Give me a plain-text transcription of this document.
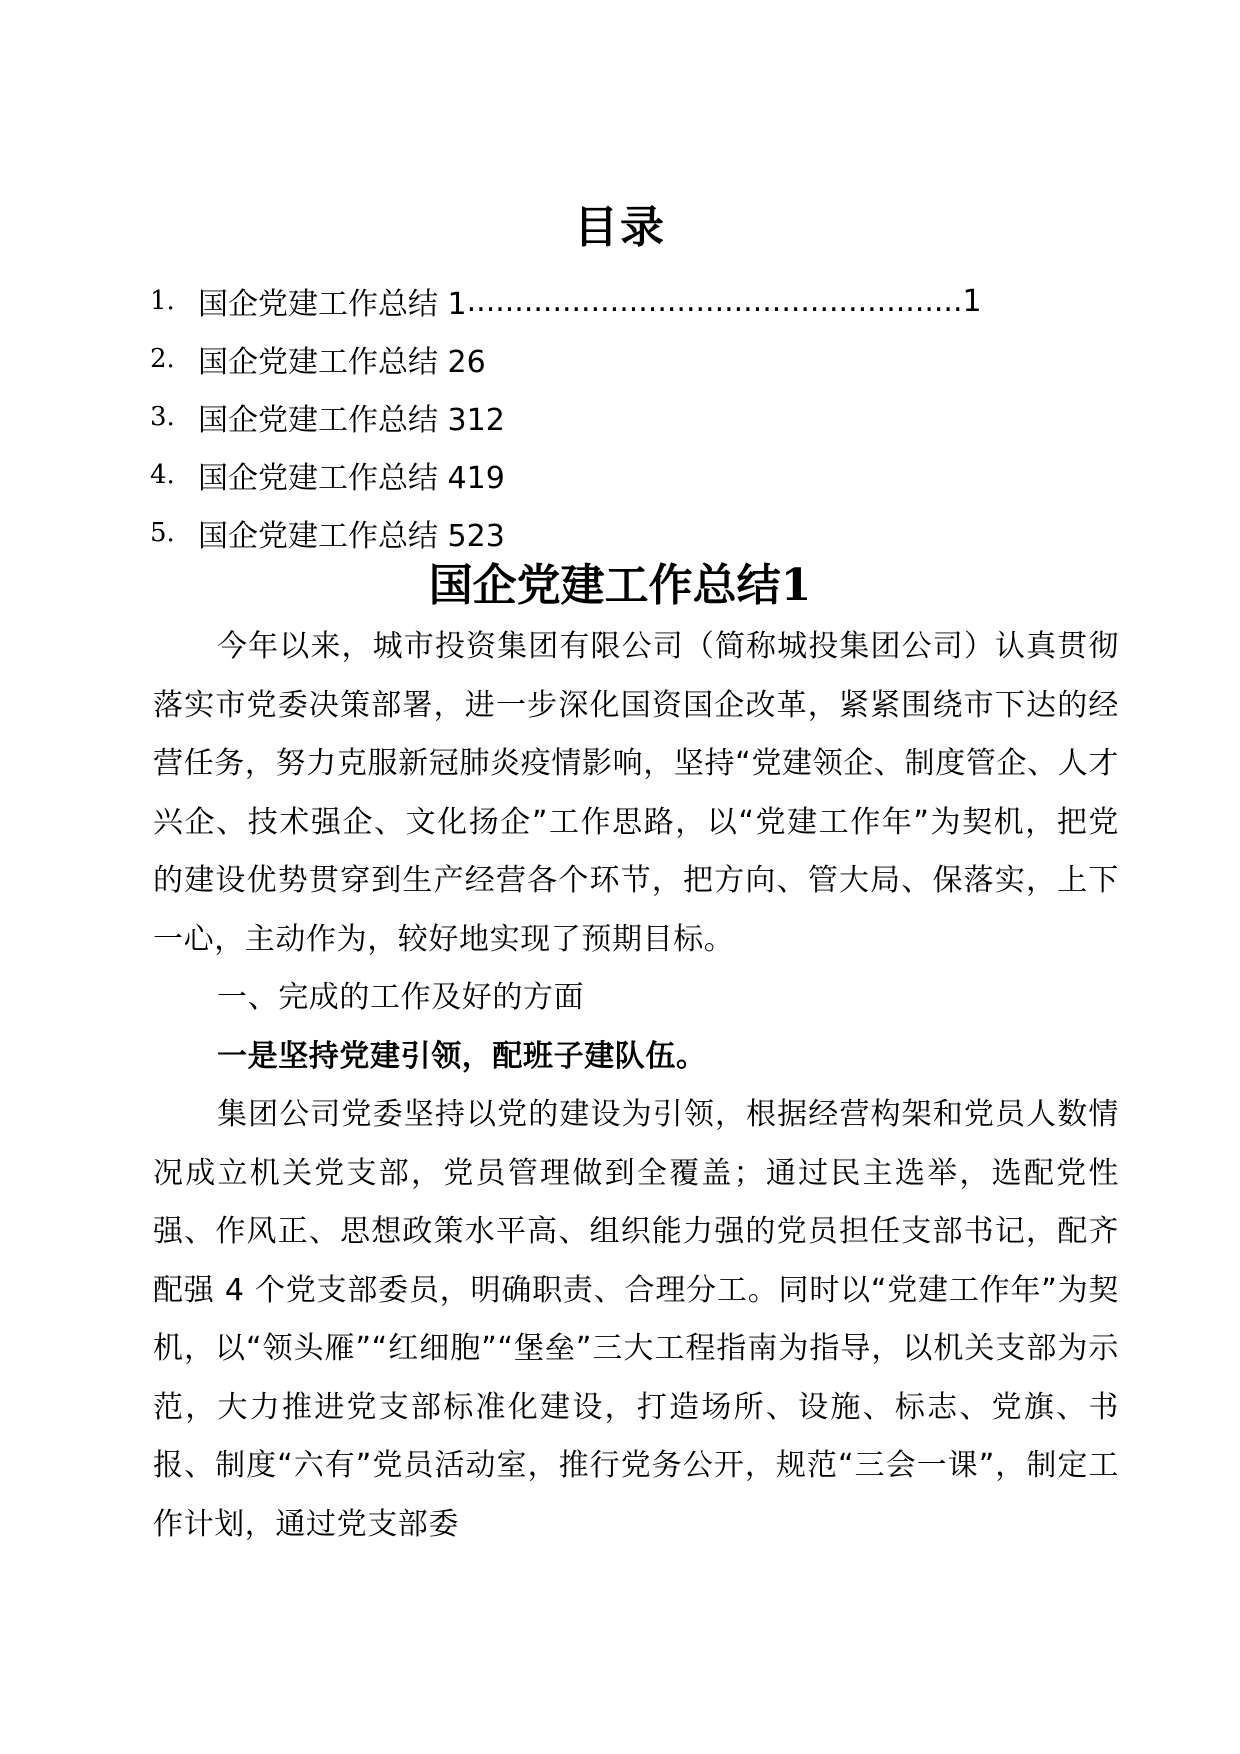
目录
1. 国企党建工作总结 1 .................................................... 1
2. 国企党建工作总结 26
3. 国企党建工作总结 312
4. 国企党建工作总结 419
5. 国企党建工作总结 523
国企党建工作总结1

今年以来，城市投资集团有限公司（简称城投集团公司）认真贯彻落实市党委决策部署，进一步深化国资国企改革，紧紧围绕市下达的经营任务，努力克服新冠肺炎疫情影响，坚持“党建领企、制度管企、人才兴企、技术强企、文化扬企”工作思路，以“党建工作年”为契机，把党的建设优势贯穿到生产经营各个环节，把方向、管大局、保落实，上下一心，主动作为，较好地实现了预期目标。

一、完成的工作及好的方面

一是坚持党建引领，配班子建队伍。

集团公司党委坚持以党的建设为引领，根据经营构架和党员人数情况成立机关党支部，党员管理做到全覆盖；通过民主选举，选配党性强、作风正、思想政策水平高、组织能力强的党员担任支部书记，配齐配强 4 个党支部委员，明确职责、合理分工。同时以“党建工作年”为契机，以“领头雁”“红细胞”“堡垒”三大工程指南为指导，以机关支部为示范，大力推进党支部标准化建设，打造场所、设施、标志、党旗、书报、制度“六有”党员活动室，推行党务公开，规范“三会一课”，制定工作计划，通过党支部委
